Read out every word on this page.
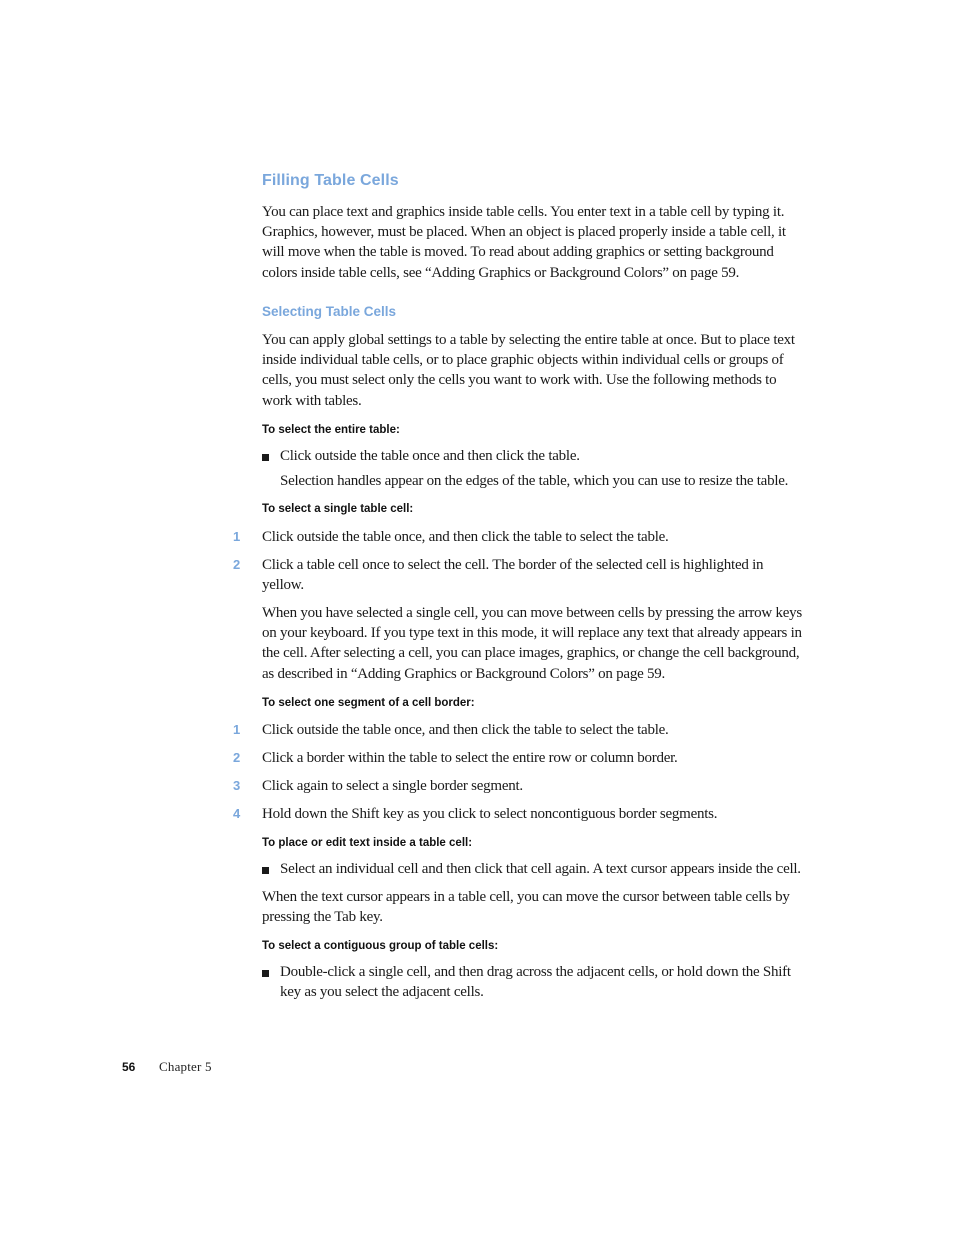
Filling Table Cells
You can place text and graphics inside table cells. You enter text in a table cell by typing it. Graphics, however, must be placed. When an object is placed properly inside a table cell, it will move when the table is moved. To read about adding graphics or setting background colors inside table cells, see “Adding Graphics or Background Colors” on page 59.
Selecting Table Cells
You can apply global settings to a table by selecting the entire table at once. But to place text inside individual table cells, or to place graphic objects within individual cells or groups of cells, you must select only the cells you want to work with. Use the following methods to work with tables.
To select the entire table:
Click outside the table once and then click the table.
Selection handles appear on the edges of the table, which you can use to resize the table.
To select a single table cell:
1	Click outside the table once, and then click the table to select the table.
2	Click a table cell once to select the cell. The border of the selected cell is highlighted in yellow.
When you have selected a single cell, you can move between cells by pressing the arrow keys on your keyboard. If you type text in this mode, it will replace any text that already appears in the cell. After selecting a cell, you can place images, graphics, or change the cell background, as described in “Adding Graphics or Background Colors” on page 59.
To select one segment of a cell border:
1	Click outside the table once, and then click the table to select the table.
2	Click a border within the table to select the entire row or column border.
3	Click again to select a single border segment.
4	Hold down the Shift key as you click to select noncontiguous border segments.
To place or edit text inside a table cell:
Select an individual cell and then click that cell again. A text cursor appears inside the cell.
When the text cursor appears in a table cell, you can move the cursor between table cells by pressing the Tab key.
To select a contiguous group of table cells:
Double-click a single cell, and then drag across the adjacent cells, or hold down the Shift key as you select the adjacent cells.
56 Chapter 5
